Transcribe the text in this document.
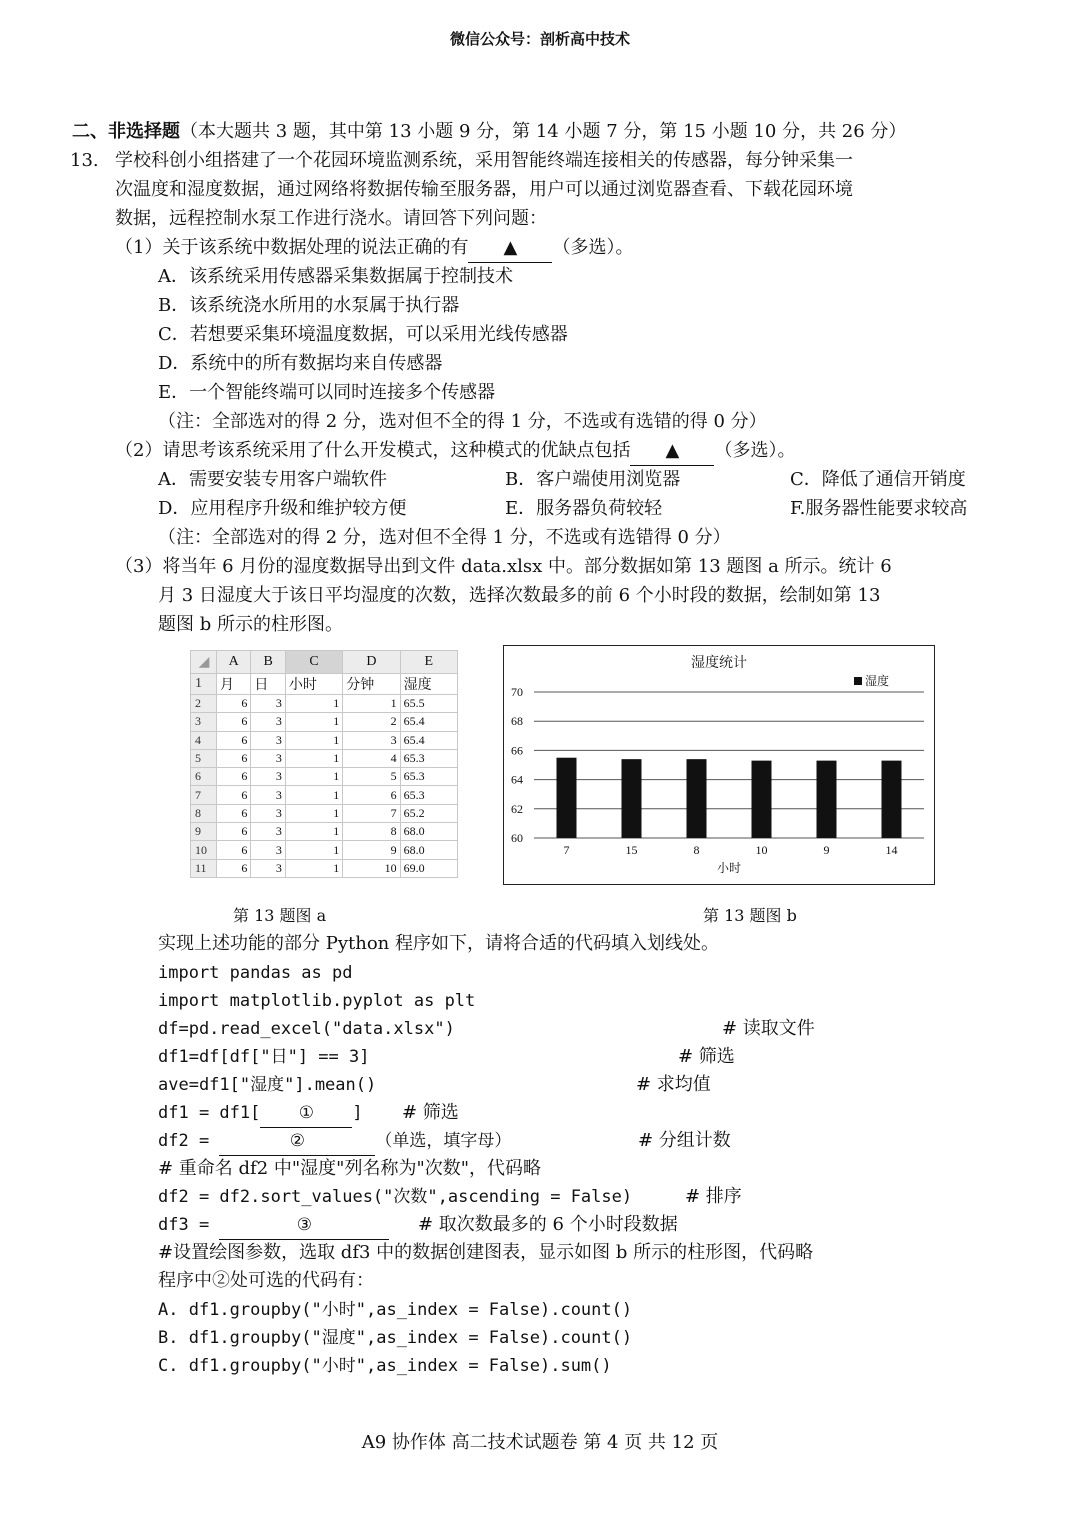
微信公众号：剖析高中技术
二、非选择题（本大题共 3 题，其中第 13 小题 9 分，第 14 小题 7 分，第 15 小题 10 分，共 26 分）
13. 学校科创小组搭建了一个花园环境监测系统，采用智能终端连接相关的传感器，每分钟采集一
次温度和湿度数据，通过网络将数据传输至服务器，用户可以通过浏览器查看、下载花园环境
数据，远程控制水泵工作进行浇水。请回答下列问题：
（1）关于该系统中数据处理的说法正确的有 ▲ （多选）。
A．该系统采用传感器采集数据属于控制技术
B．该系统浇水所用的水泵属于执行器
C．若想要采集环境温度数据，可以采用光线传感器
D．系统中的所有数据均来自传感器
E．一个智能终端可以同时连接多个传感器
（注：全部选对的得 2 分，选对但不全的得 1 分，不选或有选错的得 0 分）
（2）请思考该系统采用了什么开发模式，这种模式的优缺点包括 ▲ （多选）。
A．需要安装专用客户端软件	B．客户端使用浏览器	C．降低了通信开销度
D．应用程序升级和维护较方便	E．服务器负荷较轻	F.服务器性能要求较高
（注：全部选对的得 2 分，选对但不全得 1 分，不选或有选错得 0 分）
（3）将当年 6 月份的湿度数据导出到文件 data.xlsx 中。部分数据如第 13 题图 a 所示。统计 6
月 3 日湿度大于该日平均湿度的次数，选择次数最多的前 6 个小时段的数据，绘制如第 13
题图 b 所示的柱形图。
◢	A	B	C	D	E
1	月	日	小时	分钟	湿度
2	6	3	1	1	65.5
3	6	3	1	2	65.4
4	6	3	1	3	65.4
5	6	3	1	4	65.3
6	6	3	1	5	65.3
7	6	3	1	6	65.3
8	6	3	1	7	65.2
9	6	3	1	8	68.0
10	6	3	1	9	68.0
11	6	3	1	10	69.0
60
62
64
66
68
70
湿度统计
湿度
7	15	8	10	9	14
小时
第 13 题图 a	第 13 题图 b
实现上述功能的部分 Python 程序如下，请将合适的代码填入划线处。
import pandas as pd
import matplotlib.pyplot as plt
df=pd.read_excel("data.xlsx")	# 读取文件
df1=df[df["日"] == 3]	# 筛选
ave=df1["湿度"].mean()	# 求均值
df1 = df1[ ① ] # 筛选
df2 =	②	（单选，填字母）	# 分组计数
# 重命名 df2 中"湿度"列名称为"次数"，代码略
df2 = df2.sort_values("次数",ascending = False)	# 排序
df3 =	③	# 取次数最多的 6 个小时段数据
#设置绘图参数，选取 df3 中的数据创建图表，显示如图 b 所示的柱形图，代码略
程序中②处可选的代码有：
A. df1.groupby("小时",as_index = False).count()
B. df1.groupby("湿度",as_index = False).count()
C. df1.groupby("小时",as_index = False).sum()
A9 协作体 高二技术试题卷 第 4 页 共 12 页
